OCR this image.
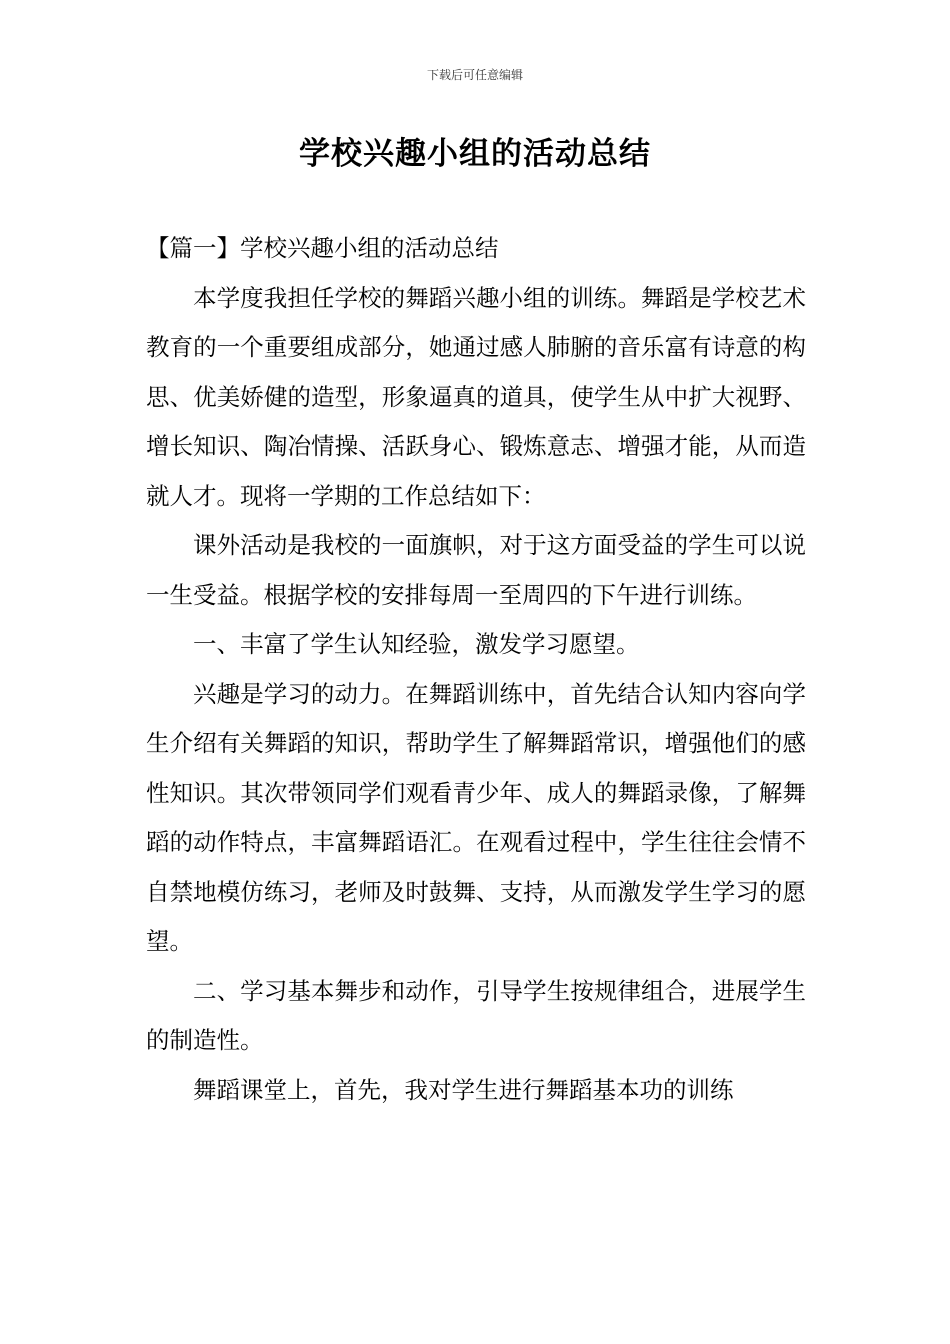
下载后可任意编辑
学校兴趣小组的活动总结

【篇一】学校兴趣小组的活动总结

本学度我担任学校的舞蹈兴趣小组的训练。舞蹈是学校艺术教育的一个重要组成部分，她通过感人肺腑的音乐富有诗意的构思、优美娇健的造型，形象逼真的道具，使学生从中扩大视野、增长知识、陶冶情操、活跃身心、锻炼意志、增强才能，从而造就人才。现将一学期的工作总结如下：

课外活动是我校的一面旗帜，对于这方面受益的学生可以说一生受益。根据学校的安排每周一至周四的下午进行训练。

一、丰富了学生认知经验，激发学习愿望。

兴趣是学习的动力。在舞蹈训练中，首先结合认知内容向学生介绍有关舞蹈的知识，帮助学生了解舞蹈常识，增强他们的感性知识。其次带领同学们观看青少年、成人的舞蹈录像，了解舞蹈的动作特点，丰富舞蹈语汇。在观看过程中，学生往往会情不自禁地模仿练习，老师及时鼓舞、支持，从而激发学生学习的愿望。

二、学习基本舞步和动作，引导学生按规律组合，进展学生的制造性。

舞蹈课堂上，首先，我对学生进行舞蹈基本功的训练
